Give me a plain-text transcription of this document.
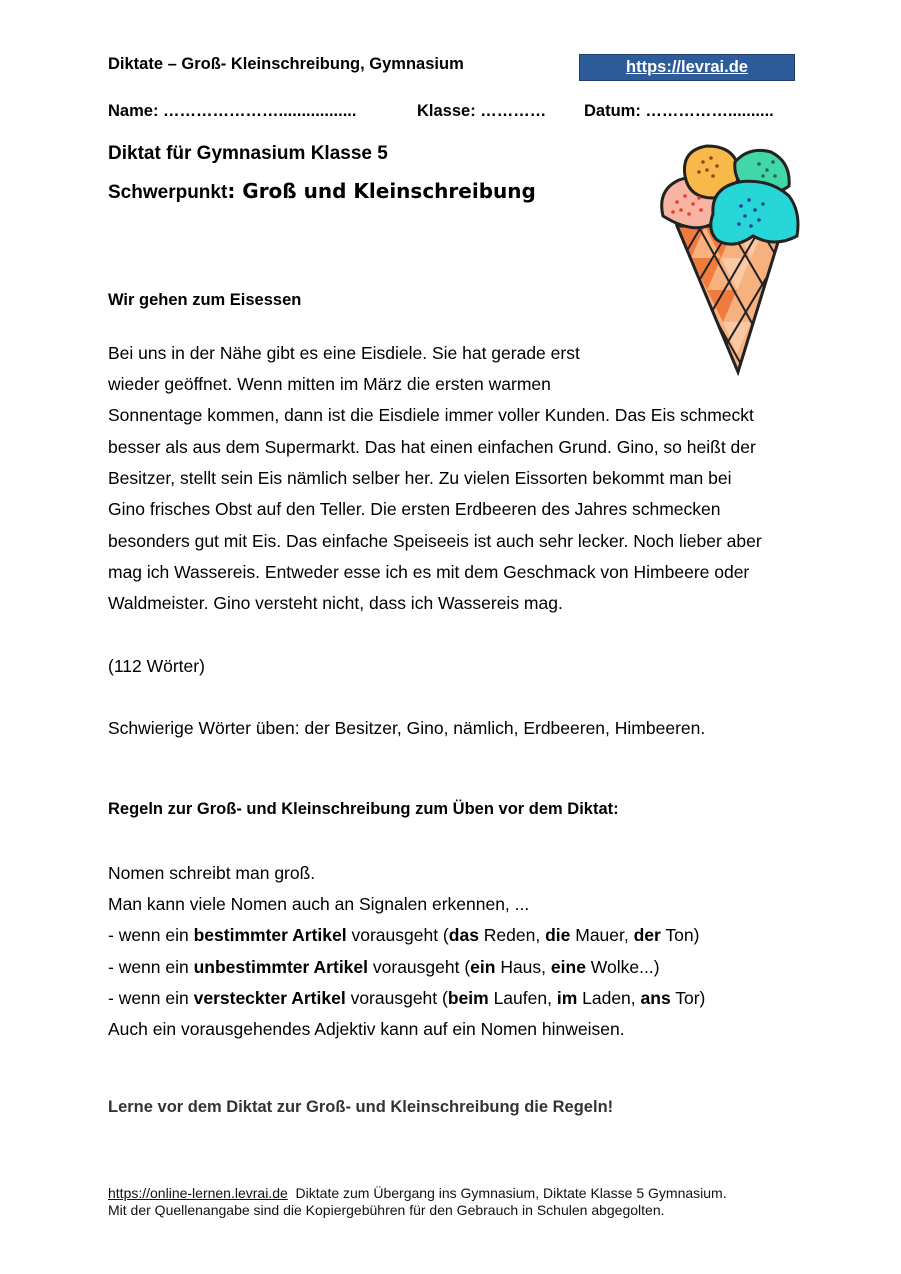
Diktate – Groß- Kleinschreibung, Gymnasium	https://levrai.de
Name: ………………….................	Klasse: ………… Datum: ……………..........
Diktat für Gymnasium Klasse 5
Schwerpunkt: Groß und Kleinschreibung
Wir gehen zum Eisessen
Bei uns in der Nähe gibt es eine Eisdiele. Sie hat gerade erst
wieder geöffnet. Wenn mitten im März die ersten warmen
Sonnentage kommen, dann ist die Eisdiele immer voller Kunden. Das Eis schmeckt
besser als aus dem Supermarkt. Das hat einen einfachen Grund. Gino, so heißt der
Besitzer, stellt sein Eis nämlich selber her. Zu vielen Eissorten bekommt man bei
Gino frisches Obst auf den Teller. Die ersten Erdbeeren des Jahres schmecken
besonders gut mit Eis. Das einfache Speiseeis ist auch sehr lecker. Noch lieber aber
mag ich Wassereis. Entweder esse ich es mit dem Geschmack von Himbeere oder
Waldmeister. Gino versteht nicht, dass ich Wassereis mag.
(112 Wörter)
Schwierige Wörter üben: der Besitzer, Gino, nämlich, Erdbeeren, Himbeeren.
Regeln zur Groß- und Kleinschreibung zum Üben vor dem Diktat:
Nomen schreibt man groß.
Man kann viele Nomen auch an Signalen erkennen, ...
- wenn ein bestimmter Artikel vorausgeht (das Reden, die Mauer, der Ton)
- wenn ein unbestimmter Artikel vorausgeht (ein Haus, eine Wolke...)
- wenn ein versteckter Artikel vorausgeht (beim Laufen, im Laden, ans Tor)
Auch ein vorausgehendes Adjektiv kann auf ein Nomen hinweisen.
Lerne vor dem Diktat zur Groß- und Kleinschreibung die Regeln!
https://online-lernen.levrai.de  Diktate zum Übergang ins Gymnasium, Diktate Klasse 5 Gymnasium.
Mit der Quellenangabe sind die Kopiergebühren für den Gebrauch in Schulen abgegolten.
